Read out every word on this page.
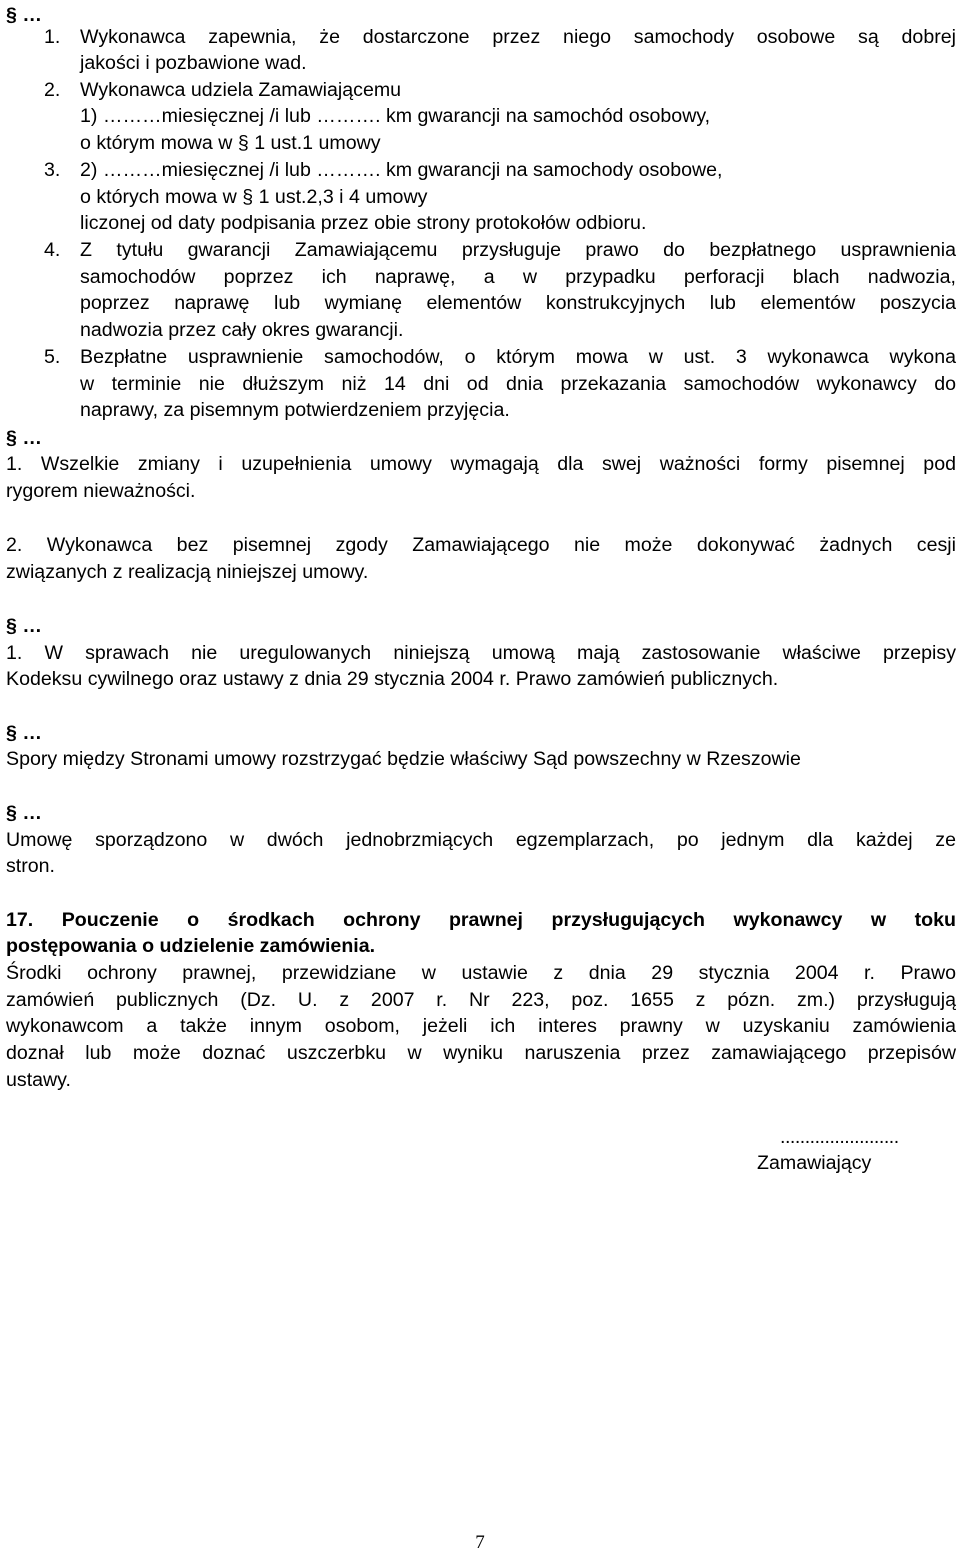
§ …
1. Wykonawca zapewnia, że dostarczone przez niego samochody osobowe są dobrej
jakości i pozbawione wad.
2. Wykonawca udziela Zamawiającemu
1) ………miesięcznej /i lub ………. km gwarancji na samochód osobowy,
o którym mowa w § 1 ust.1 umowy
3. 2) ………miesięcznej /i lub ………. km gwarancji na samochody osobowe,
o których mowa w § 1 ust.2,3 i 4 umowy
liczonej od daty podpisania przez obie strony protokołów odbioru.
4. Z tytułu gwarancji Zamawiającemu przysługuje prawo do bezpłatnego usprawnienia
samochodów poprzez ich naprawę, a w przypadku perforacji blach nadwozia,
poprzez naprawę lub wymianę elementów konstrukcyjnych lub elementów poszycia
nadwozia przez cały okres gwarancji.
5. Bezpłatne usprawnienie samochodów, o którym mowa w ust. 3 wykonawca wykona
w terminie nie dłuższym niż 14 dni od dnia przekazania samochodów wykonawcy do
naprawy, za pisemnym potwierdzeniem przyjęcia.
§ …
1. Wszelkie zmiany i uzupełnienia umowy wymagają dla swej ważności formy pisemnej pod
rygorem nieważności.
2. Wykonawca bez pisemnej zgody Zamawiającego nie może dokonywać żadnych cesji
związanych z realizacją niniejszej umowy.
§ …
1. W sprawach nie uregulowanych niniejszą umową mają zastosowanie właściwe przepisy
Kodeksu cywilnego oraz ustawy z dnia 29 stycznia 2004 r. Prawo zamówień publicznych.
§ …
Spory między Stronami umowy rozstrzygać będzie właściwy Sąd powszechny w Rzeszowie
§ …
Umowę sporządzono w dwóch jednobrzmiących egzemplarzach, po jednym dla każdej ze
stron.
17. Pouczenie o środkach ochrony prawnej przysługujących wykonawcy w toku
postępowania o udzielenie zamówienia.
Środki ochrony prawnej, przewidziane w ustawie z dnia 29 stycznia 2004 r. Prawo
zamówień publicznych (Dz. U. z 2007 r. Nr 223, poz. 1655 z pózn. zm.) przysługują
wykonawcom a także innym osobom, jeżeli ich interes prawny w uzyskaniu zamówienia
doznał lub może doznać uszczerbku w wyniku naruszenia przez zamawiającego przepisów
ustawy.
........................
Zamawiający
7
